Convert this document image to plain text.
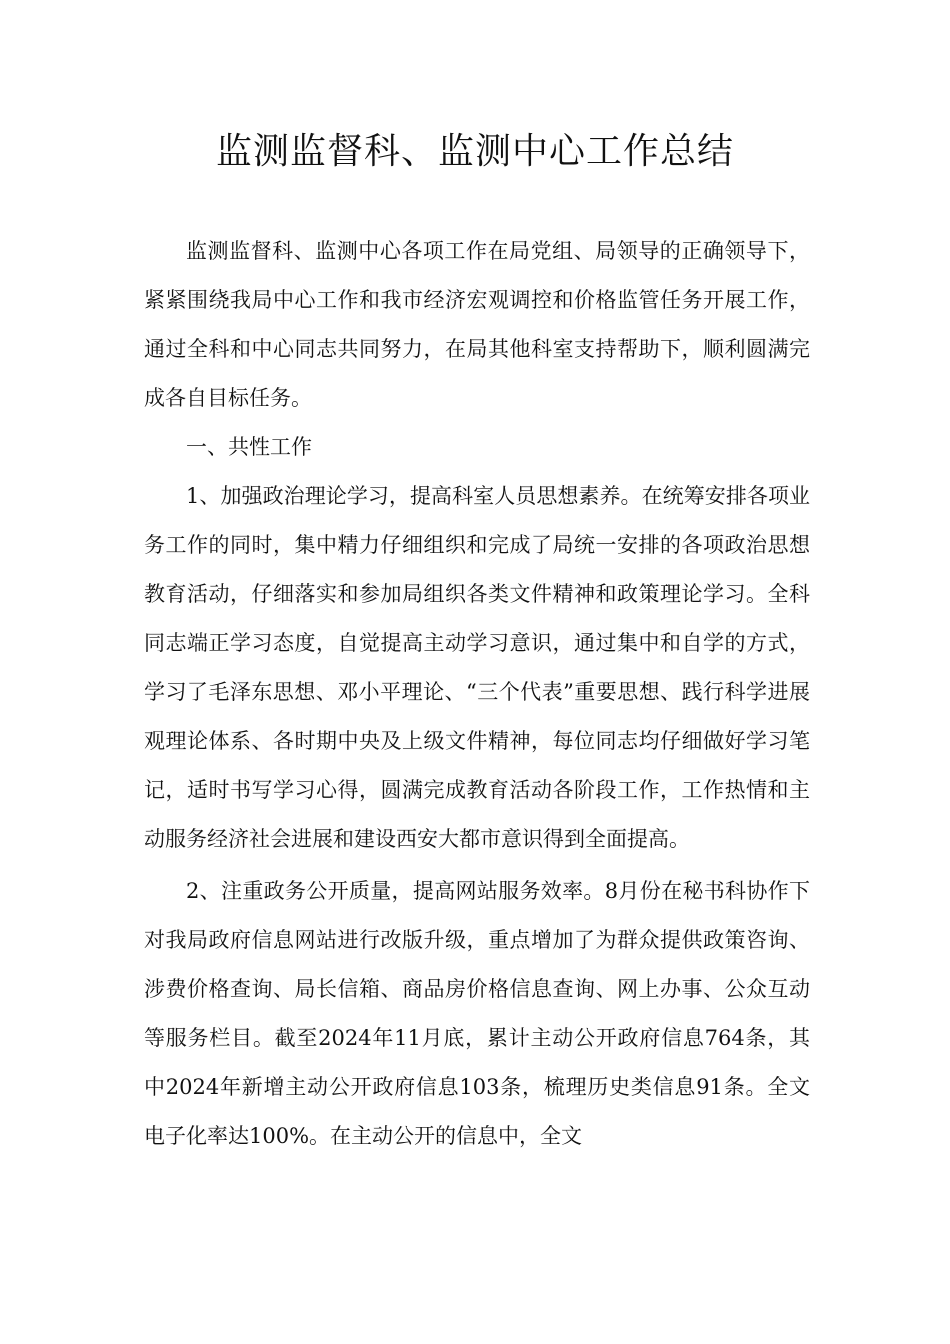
监测监督科、监测中心工作总结

监测监督科、监测中心各项工作在局党组、局领导的正确领导下，紧紧围绕我局中心工作和我市经济宏观调控和价格监管任务开展工作，通过全科和中心同志共同努力，在局其他科室支持帮助下，顺利圆满完成各自目标任务。

一、共性工作

1、加强政治理论学习，提高科室人员思想素养。在统筹安排各项业务工作的同时，集中精力仔细组织和完成了局统一安排的各项政治思想教育活动，仔细落实和参加局组织各类文件精神和政策理论学习。全科同志端正学习态度，自觉提高主动学习意识，通过集中和自学的方式，学习了毛泽东思想、邓小平理论、“三个代表”重要思想、践行科学进展观理论体系、各时期中央及上级文件精神，每位同志均仔细做好学习笔记，适时书写学习心得，圆满完成教育活动各阶段工作，工作热情和主动服务经济社会进展和建设西安大都市意识得到全面提高。

2、注重政务公开质量，提高网站服务效率。8月份在秘书科协作下对我局政府信息网站进行改版升级，重点增加了为群众提供政策咨询、涉费价格查询、局长信箱、商品房价格信息查询、网上办事、公众互动等服务栏目。截至2024年11月底，累计主动公开政府信息764条，其中2024年新增主动公开政府信息103条，梳理历史类信息91条。全文电子化率达100%。在主动公开的信息中，全文
